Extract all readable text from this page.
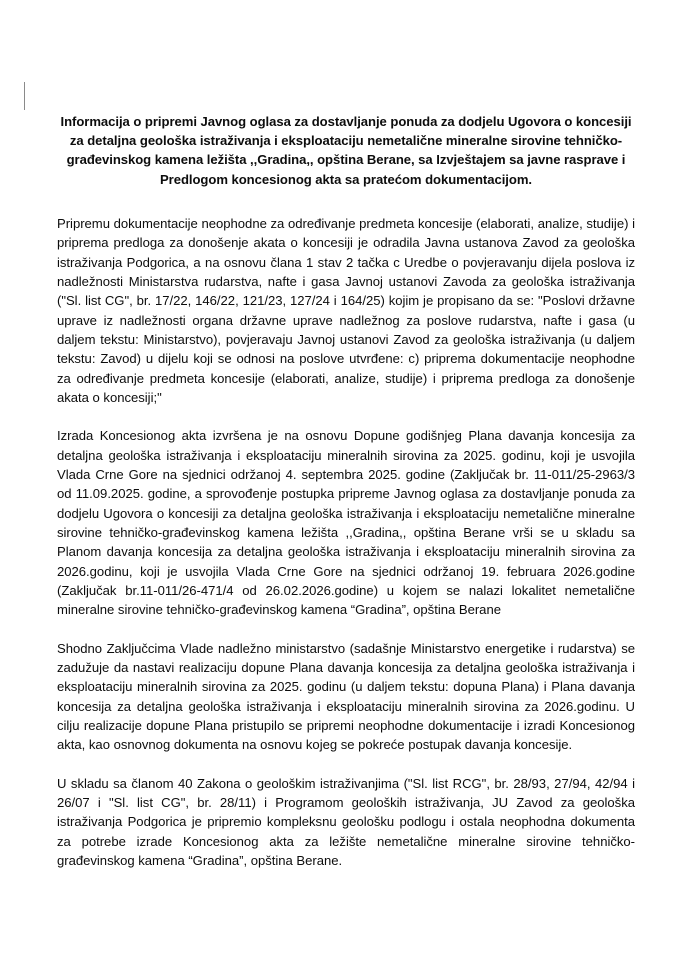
Informacija o pripremi Javnog oglasa za dostavljanje ponuda za dodjelu Ugovora o koncesiji za detaljna geološka istraživanja i eksploataciju nemetalične mineralne sirovine tehničko-građevinskog kamena ležišta ,,Gradina,, opština Berane, sa Izvještajem sa javne rasprave i Predlogom koncesionog akta sa pratećom dokumentacijom.

Pripremu dokumentacije neophodne za određivanje predmeta koncesije (elaborati, analize, studije) i priprema predloga za donošenje akata o koncesiji je odradila Javna ustanova Zavod za geološka istraživanja Podgorica, a na osnovu člana 1 stav 2 tačka c Uredbe o povjeravanju dijela poslova iz nadležnosti Ministarstva rudarstva, nafte i gasa Javnoj ustanovi Zavoda za geološka istraživanja ("Sl. list CG", br. 17/22, 146/22, 121/23, 127/24 i 164/25) kojim je propisano da se: "Poslovi državne uprave iz nadležnosti organa državne uprave nadležnog za poslove rudarstva, nafte i gasa (u daljem tekstu: Ministarstvo), povjeravaju Javnoj ustanovi Zavod za geološka istraživanja (u daljem tekstu: Zavod) u dijelu koji se odnosi na poslove utvrđene: c) priprema dokumentacije neophodne za određivanje predmeta koncesije (elaborati, analize, studije) i priprema predloga za donošenje akata o koncesiji;"

Izrada Koncesionog akta izvršena je na osnovu Dopune godišnjeg Plana davanja koncesija za detaljna geološka istraživanja i eksploataciju mineralnih sirovina za 2025. godinu, koji je usvojila Vlada Crne Gore na sjednici održanoj 4. septembra 2025. godine (Zaključak br. 11-011/25-2963/3 od 11.09.2025. godine, a sprovođenje postupka pripreme Javnog oglasa za dostavljanje ponuda za dodjelu Ugovora o koncesiji za detaljna geološka istraživanja i eksploataciju nemetalične mineralne sirovine tehničko-građevinskog kamena ležišta ,,Gradina,, opština Berane vrši se u skladu sa Planom davanja koncesija za detaljna geološka istraživanja i eksploataciju mineralnih sirovina za 2026.godinu, koji je usvojila Vlada Crne Gore na sjednici održanoj 19. februara 2026.godine (Zaključak br.11-011/26-471/4 od 26.02.2026.godine) u kojem se nalazi lokalitet nemetalične mineralne sirovine tehničko-građevinskog kamena “Gradina”, opština Berane

Shodno Zaključcima Vlade nadležno ministarstvo (sadašnje Ministarstvo energetike i rudarstva) se zadužuje da nastavi realizaciju dopune Plana davanja koncesija za detaljna geološka istraživanja i eksploataciju mineralnih sirovina za 2025. godinu (u daljem tekstu: dopuna Plana) i Plana davanja koncesija za detaljna geološka istraživanja i eksploataciju mineralnih sirovina za 2026.godinu. U cilju realizacije dopune Plana pristupilo se pripremi neophodne dokumentacije i izradi Koncesionog akta, kao osnovnog dokumenta na osnovu kojeg se pokreće postupak davanja koncesije.

U skladu sa članom 40 Zakona o geološkim istraživanjima ("Sl. list RCG", br. 28/93, 27/94, 42/94 i 26/07 i "Sl. list CG", br. 28/11) i Programom geoloških istraživanja, JU Zavod za geološka istraživanja Podgorica je pripremio kompleksnu geološku podlogu i ostala neophodna dokumenta za potrebe izrade Koncesionog akta za ležište nemetalične mineralne sirovine tehničko-građevinskog kamena “Gradina”, opština Berane.
